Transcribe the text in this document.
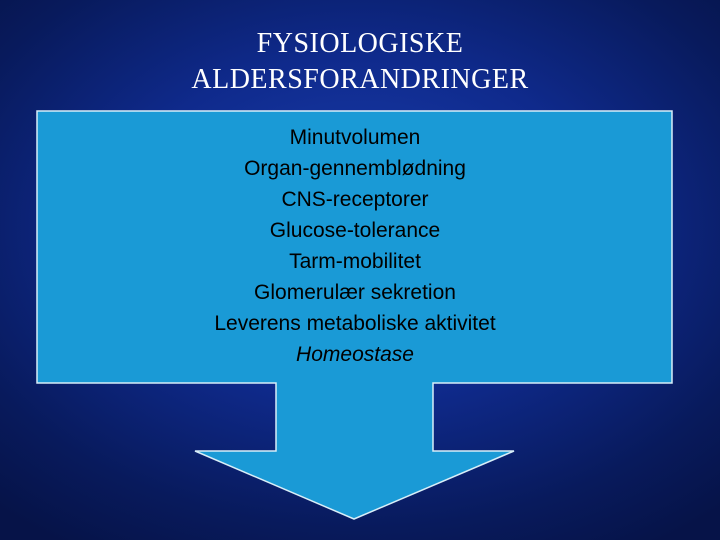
FYSIOLOGISKE
ALDERSFORANDRINGER
Minutvolumen
Organ-gennemblødning
CNS-receptorer
Glucose-tolerance
Tarm-mobilitet
Glomerulær sekretion
Leverens metaboliske aktivitet
Homeostase
